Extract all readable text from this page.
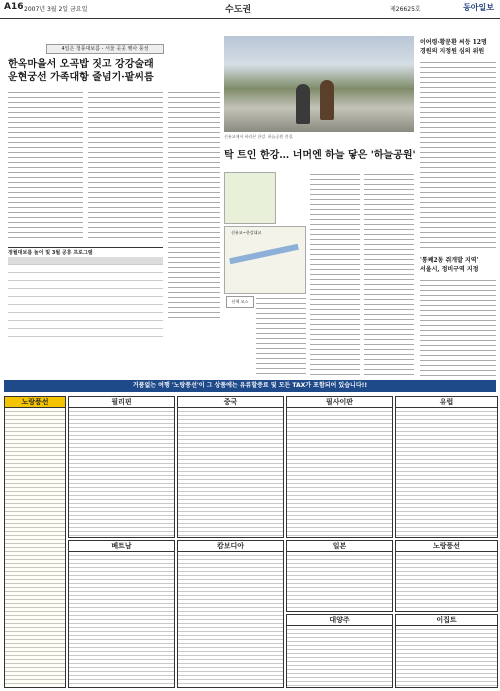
A16 2007년 3월 2일 금요일	수도권	제26625호	동아일보
4일은 청풍대보름 - 서울 곳곳 행사 풍성
한옥마을서 오곡밥 짓고 강강술래
운현궁선 가족대항 줄넘기·팥씨름
정월대보름 놀이 및 3월 공휴 프로그램
선유교에서 바라본 한강. 하늘공원 전경.
탁 트인 한강… 너머엔 하늘 닿은 '하늘공원'
선유교~한강대교
산책 코스
이어령·황문환 씨등 12명
경원의 지정원 심의 위원
'통째2동 쥐개발 지역'
서울시, 정비구역 지정
거품없는 여행 '노랑풍선'이 그 상품에는 유류할증료 및 모든 TAX가 포함되어 있습니다!!
노랑풍선	필리핀	중국	필사이판	유럽
베트남	캄보디아	일본
대양주
노랑풍선
이집트
